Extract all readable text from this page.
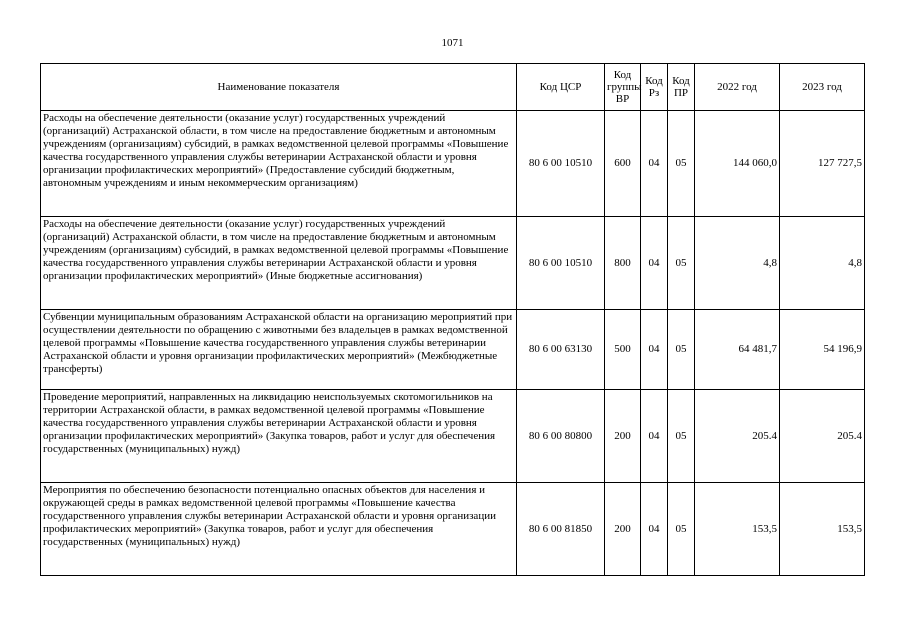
1071
Наименование показателя	Код ЦСР	Код группы ВР	Код Рз	Код ПР	2022 год	2023 год
Расходы на обеспечение деятельности (оказание услуг) государственных учреждений (организаций) Астраханской области, в том числе на предоставление бюджетным и автономным учреждениям (организациям) субсидий, в рамках ведомственной целевой программы «Повышение качества государственного управления службы ветеринарии Астраханской области и уровня организации профилактических мероприятий» (Предоставление субсидий бюджетным, автономным учреждениям и иным некоммерческим организациям)	80 6 00 10510	600	04	05	144 060,0	127 727,5
Расходы на обеспечение деятельности (оказание услуг) государственных учреждений (организаций) Астраханской области, в том числе на предоставление бюджетным и автономным учреждениям (организациям) субсидий, в рамках ведомственной целевой программы «Повышение качества государственного управления службы ветеринарии Астраханской области и уровня организации профилактических мероприятий» (Иные бюджетные ассигнования)	80 6 00 10510	800	04	05	4,8	4,8
Субвенции муниципальным образованиям Астраханской области на организацию мероприятий при осуществлении деятельности по обращению с животными без владельцев в рамках ведомственной целевой программы «Повышение качества государственного управления службы ветеринарии Астраханской области и уровня организации профилактических мероприятий» (Межбюджетные трансферты)	80 6 00 63130	500	04	05	64 481,7	54 196,9
Проведение мероприятий, направленных на ликвидацию неиспользуемых скотомогильников на территории Астраханской области, в рамках ведомственной целевой программы «Повышение качества государственного управления службы ветеринарии Астраханской области и уровня организации профилактических мероприятий» (Закупка товаров, работ и услуг для обеспечения государственных (муниципальных) нужд)	80 6 00 80800	200	04	05	205.4	205.4
Мероприятия по обеспечению безопасности потенциально опасных объектов для населения и окружающей среды в рамках ведомственной целевой программы «Повышение качества государственного управления службы ветеринарии Астраханской области и уровня организации профилактических мероприятий» (Закупка товаров, работ и услуг для обеспечения государственных (муниципальных) нужд)	80 6 00 81850	200	04	05	153,5	153,5
